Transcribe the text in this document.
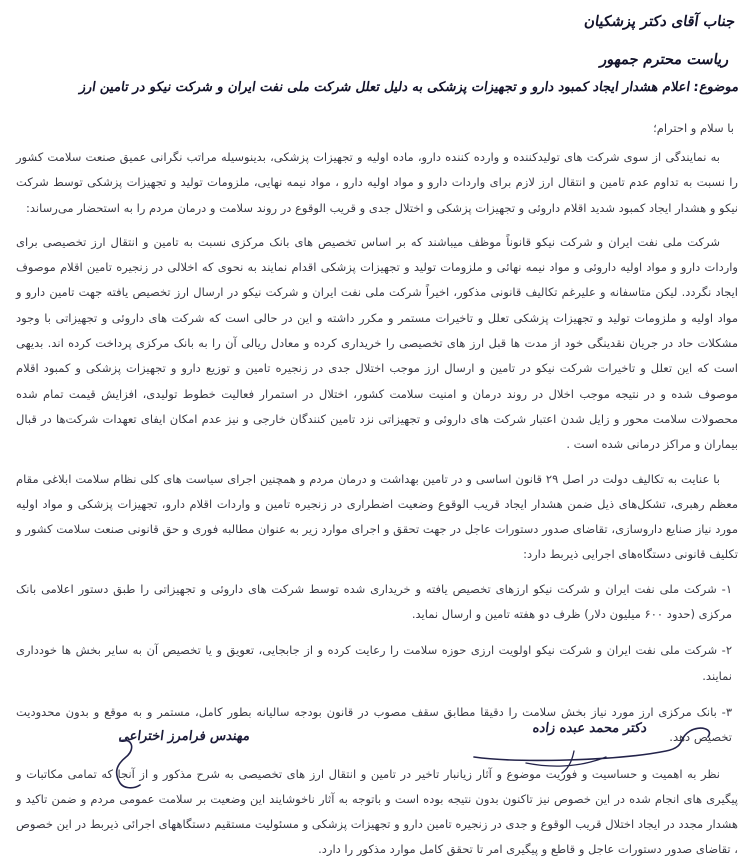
جناب آقای دکتر پزشکیان
ریاست محترم جمهور
موضوع: اعلام هشدار ایجاد کمبود دارو و تجهیزات پزشکی به دلیل تعلل شرکت ملی نفت ایران و شرکت نیکو در تامین ارز
با سلام و احترام؛

به نمایندگی از سوی شرکت های تولیدکننده و وارده کننده دارو، ماده اولیه و تجهیزات پزشکی، بدینوسیله مراتب نگرانی عمیق صنعت سلامت کشور را نسبت به تداوم عدم تامین و انتقال ارز لازم برای واردات دارو و مواد اولیه دارو ، مواد نیمه نهایی، ملزومات تولید و تجهیزات پزشکی توسط شرکت نیکو و هشدار ایجاد کمبود شدید اقلام داروئی و تجهیزات پزشکی و اختلال جدی و قریب الوقوع در روند سلامت و درمان مردم را به استحضار می‌رساند:

شرکت ملی نفت ایران و شرکت نیکو قانوناً موظف میباشند که بر اساس تخصیص های بانک مرکزی نسبت به تامین و انتقال ارز تخصیصی برای واردات دارو و مواد اولیه داروئی و مواد نیمه نهائی و ملزومات تولید و تجهیزات پزشکی اقدام نمایند به نحوی که اخلالی در زنجیره تامین اقلام موصوف ایجاد نگردد. لیکن متاسفانه و علیرغم تکالیف قانونی مذکور، اخیراً شرکت ملی نفت ایران و شرکت نیکو در ارسال ارز تخصیص یافته جهت تامین دارو و مواد اولیه و ملزومات تولید و تجهیزات پزشکی تعلل و تاخیرات مستمر و مکرر داشته و این در حالی است که شرکت های داروئی و تجهیزاتی با وجود مشکلات حاد در جریان نقدینگی خود از مدت ها قبل ارز های تخصیصی را خریداری کرده و معادل ریالی آن را به بانک مرکزی پرداخت کرده اند. بدیهی است که این تعلل و تاخیرات شرکت نیکو در تامین و ارسال ارز موجب اختلال جدی در زنجیره تامین و توزیع دارو و تجهیزات پزشکی و کمبود اقلام موصوف شده و در نتیجه موجب اخلال در روند درمان و امنیت سلامت کشور، اختلال در استمرار فعالیت خطوط تولیدی، افزایش قیمت تمام شده محصولات سلامت محور و زایل شدن اعتبار شرکت های داروئی و تجهیزاتی نزد تامین کنندگان خارجی و نیز عدم امکان ایفای تعهدات شرکت‌ها در قبال بیماران و مراکز درمانی شده است .

با عنایت به تکالیف دولت در اصل ۲۹ قانون اساسی و در تامین بهداشت و درمان مردم و همچنین اجرای سیاست های کلی نظام سلامت ابلاغی مقام معظم رهبری، تشکل‌های ذیل ضمن هشدار ایجاد قریب الوقوع وضعیت اضطراری در زنجیره تامین و واردات اقلام دارو، تجهیزات پزشکی و مواد اولیه مورد نیاز صنایع داروسازی، تقاضای صدور دستورات عاجل در جهت تحقق و اجرای موارد زیر به عنوان مطالبه فوری و حق قانونی صنعت سلامت کشور و تکلیف قانونی دستگاه‌های اجرایی ذیربط دارد:

۱- شرکت ملی نفت ایران و شرکت نیکو ارزهای تخصیص یافته و خریداری شده توسط شرکت های داروئی و تجهیزاتی را طبق دستور اعلامی بانک مرکزی (حدود ۶۰۰ میلیون دلار) ظرف دو هفته تامین و ارسال نماید.
۲- شرکت ملی نفت ایران و شرکت نیکو اولویت ارزی حوزه سلامت را رعایت کرده و از جابجایی، تعویق و یا تخصیص آن به سایر بخش ها خودداری نمایند.
۳- بانک مرکزی ارز مورد نیاز بخش سلامت را دقیقا مطابق سقف مصوب در قانون بودجه سالیانه بطور کامل، مستمر و به موقع و بدون محدودیت تخصیص دهد.

نظر به اهمیت و حساسیت و فوریت موضوع و آثار زیانبار تاخیر در تامین و انتقال ارز های تخصیصی به شرح مذکور و از آنجا که تمامی مکاتبات و پیگیری های انجام شده در این خصوص نیز تاکنون بدون نتیجه بوده است و باتوجه به آثار ناخوشایند این وضعیت بر سلامت عمومی مردم و ضمن تاکید و هشدار مجدد در ایجاد اختلال قریب الوقوع و جدی در زنجیره تامین دارو و تجهیزات پزشکی و مسئولیت مستقیم دستگاههای اجرائی ذیربط در این خصوص ، تقاضای صدور دستورات عاجل و قاطع و پیگیری امر تا تحقق کامل موارد مذکور را دارد.

دکتر محمد عبده زاده
مهندس فرامرز اختراعی
